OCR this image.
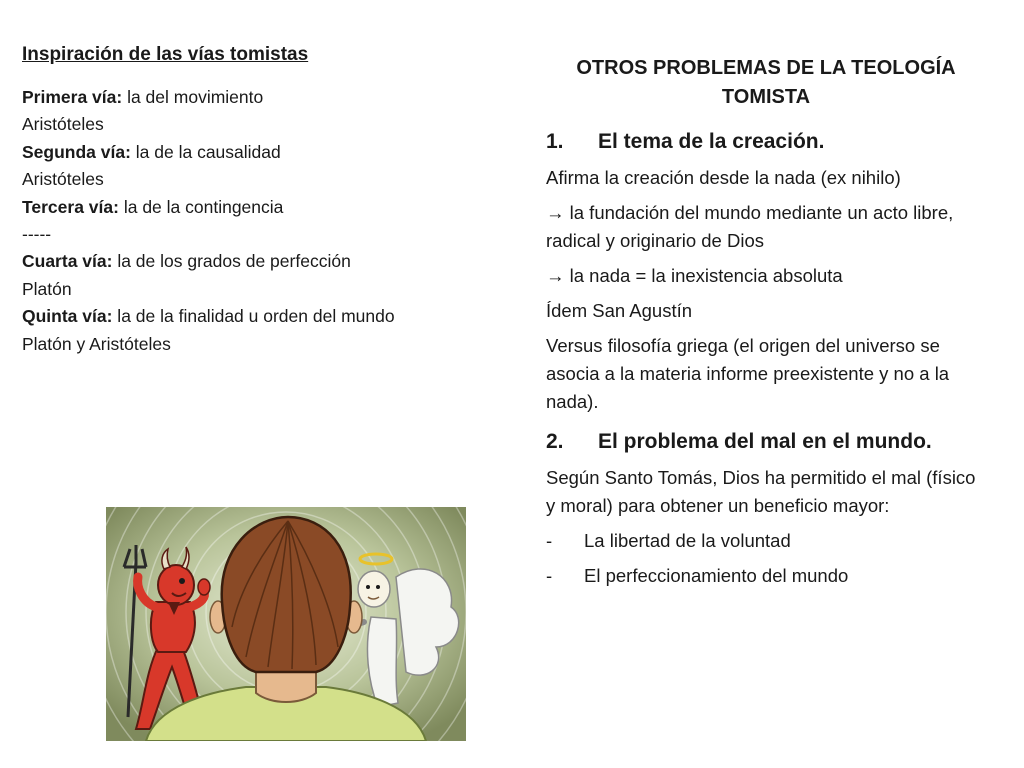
Inspiración de las vías tomistas
Primera vía: la del movimiento
Aristóteles
Segunda vía: la de la causalidad
Aristóteles
Tercera vía: la de la contingencia
-----
Cuarta vía: la de los grados de perfección
Platón
Quinta vía: la de la finalidad u orden del mundo
Platón y Aristóteles
OTROS PROBLEMAS DE LA TEOLOGÍA TOMISTA
1.	El tema de la creación.
Afirma la creación desde la nada (ex nihilo)
→ la fundación del mundo mediante un acto libre, radical y originario de Dios
→ la nada = la inexistencia absoluta
Ídem San Agustín
Versus filosofía griega (el origen del universo se asocia a la materia informe preexistente y no a la nada).
2.	El problema del mal en el mundo.
Según Santo Tomás, Dios ha permitido el mal (físico y moral) para obtener un beneficio mayor:
-	La libertad de la voluntad
-	El perfeccionamiento del mundo
